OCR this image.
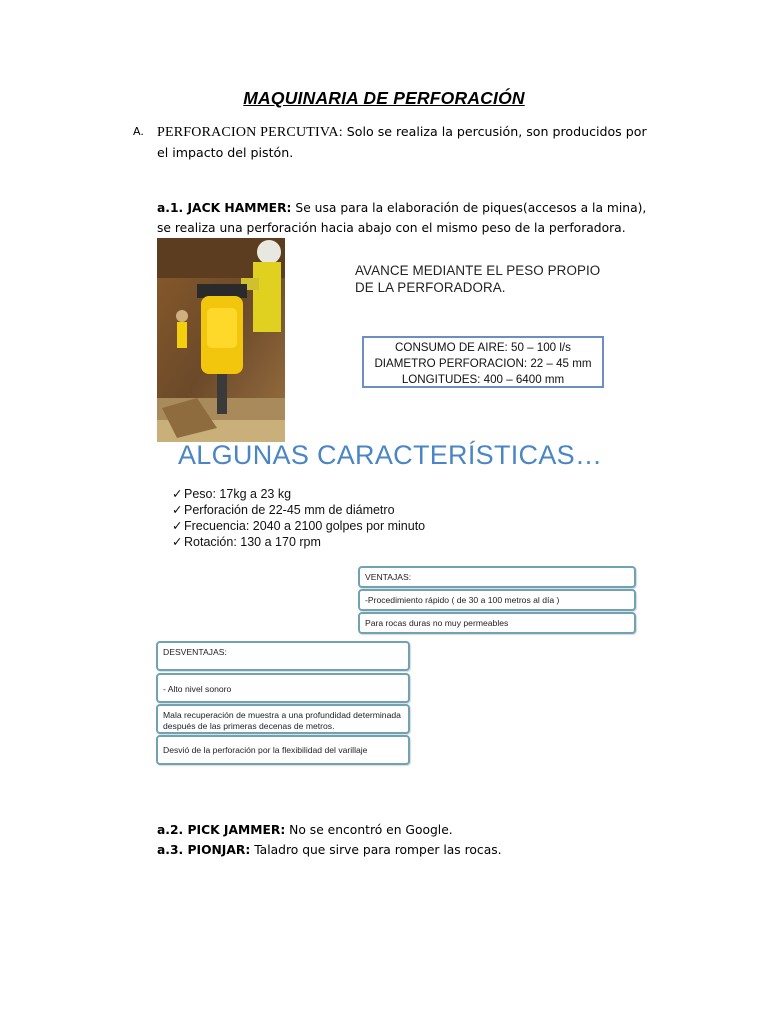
MAQUINARIA DE PERFORACIÓN
A. PERFORACION PERCUTIVA: Solo se realiza la percusión, son producidos por el impacto del pistón.
a.1. JACK HAMMER: Se usa para la elaboración de piques(accesos a la mina), se realiza una perforación hacia abajo con el mismo peso de la perforadora.
AVANCE MEDIANTE EL PESO PROPIO
DE LA PERFORADORA.
CONSUMO DE AIRE: 50 – 100 l/s
DIAMETRO PERFORACION: 22 – 45 mm
LONGITUDES: 400 – 6400 mm
ALGUNAS CARACTERÍSTICAS…
✓ Peso: 17kg a 23 kg
✓ Perforación de 22-45 mm de diámetro
✓ Frecuencia: 2040 a 2100 golpes por minuto
✓ Rotación: 130 a 170 rpm
VENTAJAS:
-Procedimiento rápido ( de 30 a 100 metros al día )
Para rocas duras no muy permeables
DESVENTAJAS:
- Alto nivel sonoro
Mala recuperación de muestra a una profundidad determinada después de las primeras decenas de metros.
Desvió de la perforación por la flexibilidad del varillaje
a.2. PICK JAMMER: No se encontró en Google.
a.3. PIONJAR: Taladro que sirve para romper las rocas.
